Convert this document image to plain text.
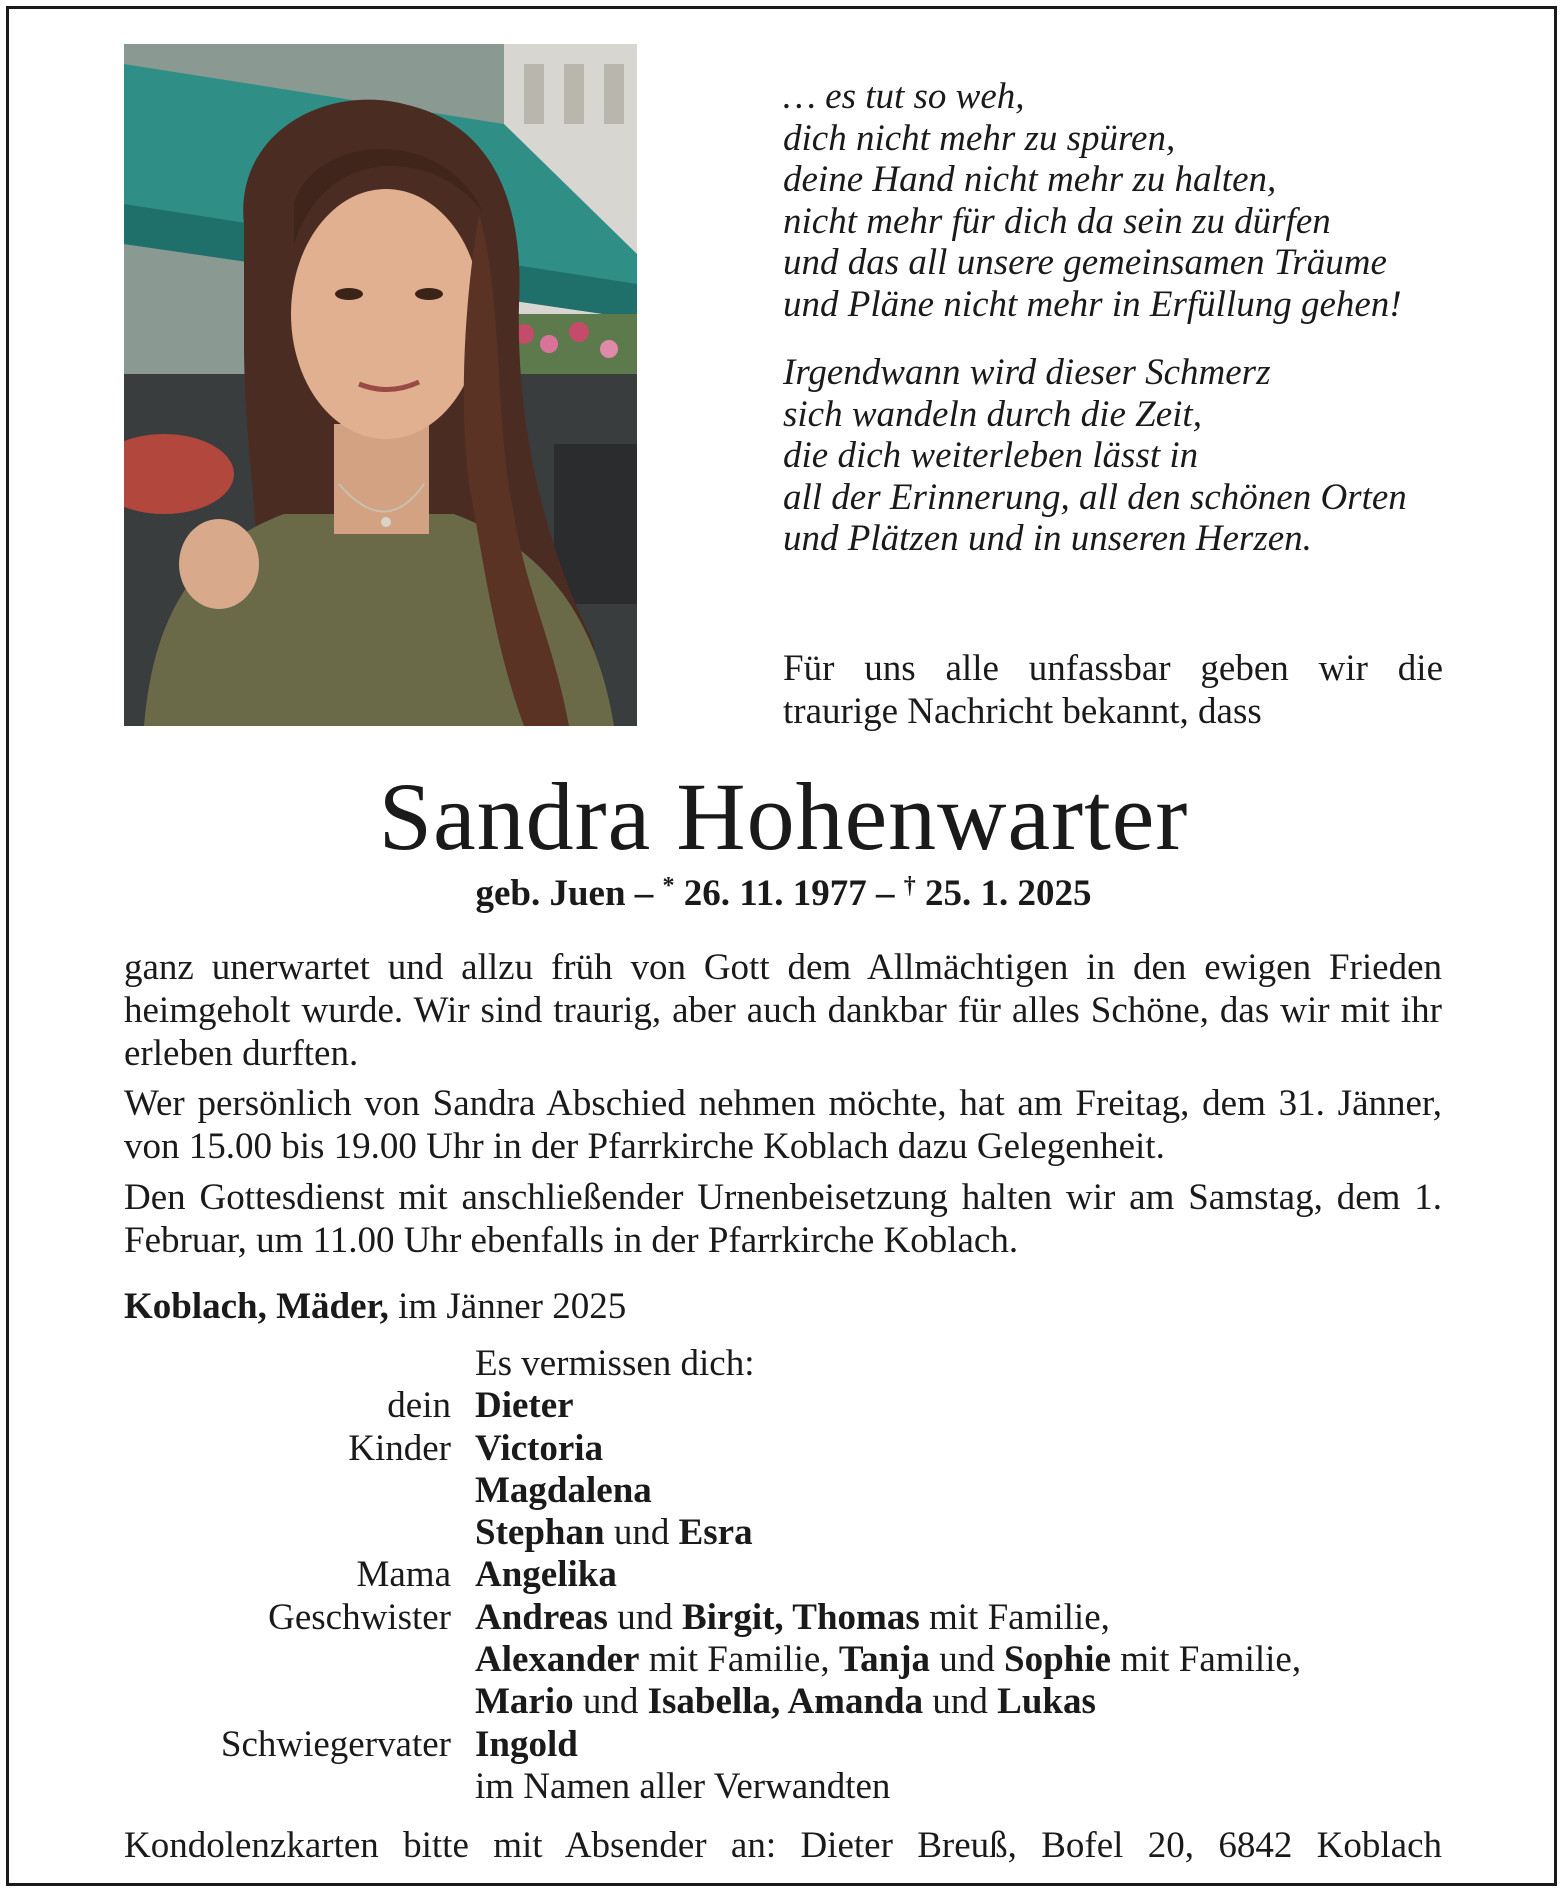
… es tut so weh,
dich nicht mehr zu spüren,
deine Hand nicht mehr zu halten,
nicht mehr für dich da sein zu dürfen
und das all unsere gemeinsamen Träume
und Pläne nicht mehr in Erfüllung gehen!
Irgendwann wird dieser Schmerz
sich wandeln durch die Zeit,
die dich weiterleben lässt in
all der Erinnerung, all den schönen Orten
und Plätzen und in unseren Herzen.
Für uns alle unfassbar geben wir die traurige Nachricht bekannt, dass
Sandra Hohenwarter
geb. Juen – * 26. 11. 1977 – † 25. 1. 2025
ganz unerwartet und allzu früh von Gott dem Allmächtigen in den ewigen Frieden heimgeholt wurde. Wir sind traurig, aber auch dankbar für alles Schöne, das wir mit ihr erleben durften.
Wer persönlich von Sandra Abschied nehmen möchte, hat am Freitag, dem 31. Jänner, von 15.00 bis 19.00 Uhr in der Pfarrkirche Koblach dazu Gelegenheit.
Den Gottesdienst mit anschließender Urnenbeisetzung halten wir am Samstag, dem 1. Februar, um 11.00 Uhr ebenfalls in der Pfarrkirche Koblach.
Koblach, Mäder, im Jänner 2025
Es vermissen dich:
dein Dieter
Kinder Victoria
Magdalena
Stephan und Esra
Mama Angelika
Geschwister Andreas und Birgit, Thomas mit Familie,
Alexander mit Familie, Tanja und Sophie mit Familie,
Mario und Isabella, Amanda und Lukas
Schwiegervater Ingold
im Namen aller Verwandten
Kondolenzkarten bitte mit Absender an: Dieter Breuß, Bofel 20, 6842 Koblach
